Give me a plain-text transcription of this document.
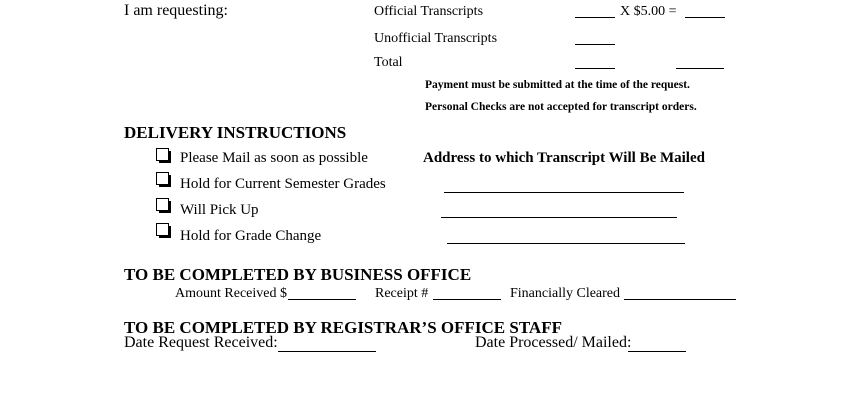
I am requesting:	Official Transcripts	X $5.00 =
Unofficial Transcripts
Total
Payment must be submitted at the time of the request.
Personal Checks are not accepted for transcript orders.
DELIVERY INSTRUCTIONS
Please Mail as soon as possible
Hold for Current Semester Grades
Will Pick Up
Hold for Grade Change
Address to which Transcript Will Be Mailed
TO BE COMPLETED BY BUSINESS OFFICE
Amount Received $	Receipt #	Financially Cleared
TO BE COMPLETED BY REGISTRAR’S OFFICE STAFF
Date Request Received:	Date Processed/ Mailed:
